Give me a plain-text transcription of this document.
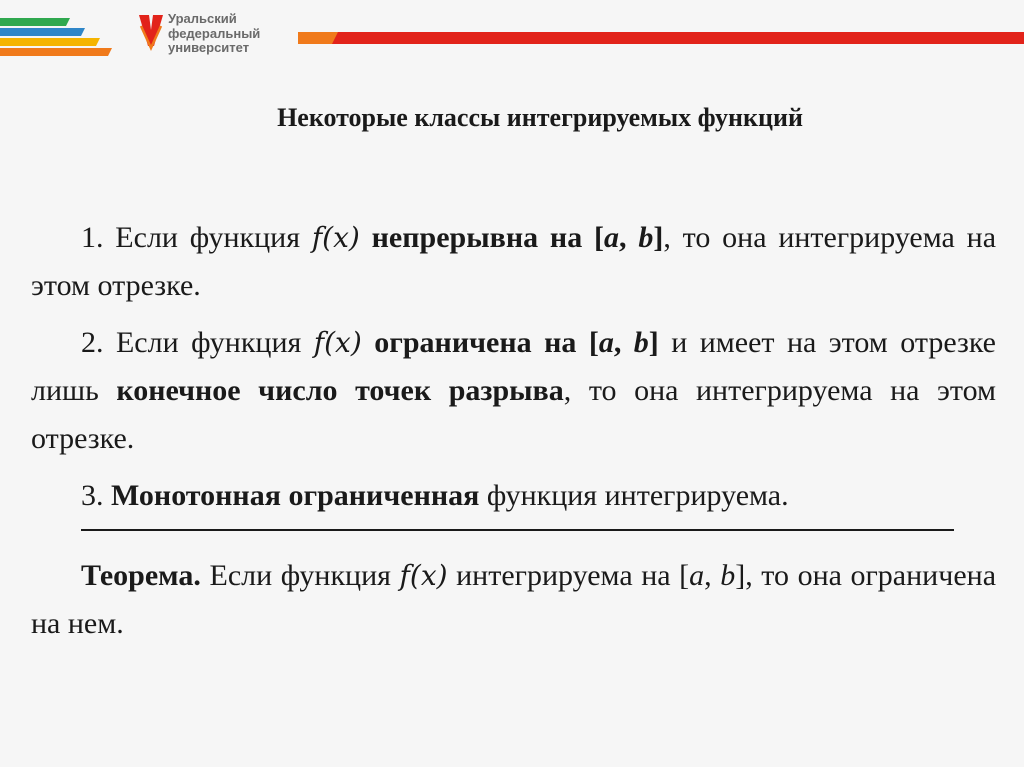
Уральский
федеральный
университет
Некоторые классы интегрируемых функций

1. Если функция f(x) непрерывна на [a, b], то она интегрируема на этом отрезке.

2. Если функция f(x) ограничена на [a, b] и имеет на этом отрезке лишь конечное число точек разрыва, то она интегрируема на этом отрезке.

3. Монотонная ограниченная функция интегрируема.

Теорема. Если функция f(x) интегрируема на [a, b], то она ограничена на нем.
